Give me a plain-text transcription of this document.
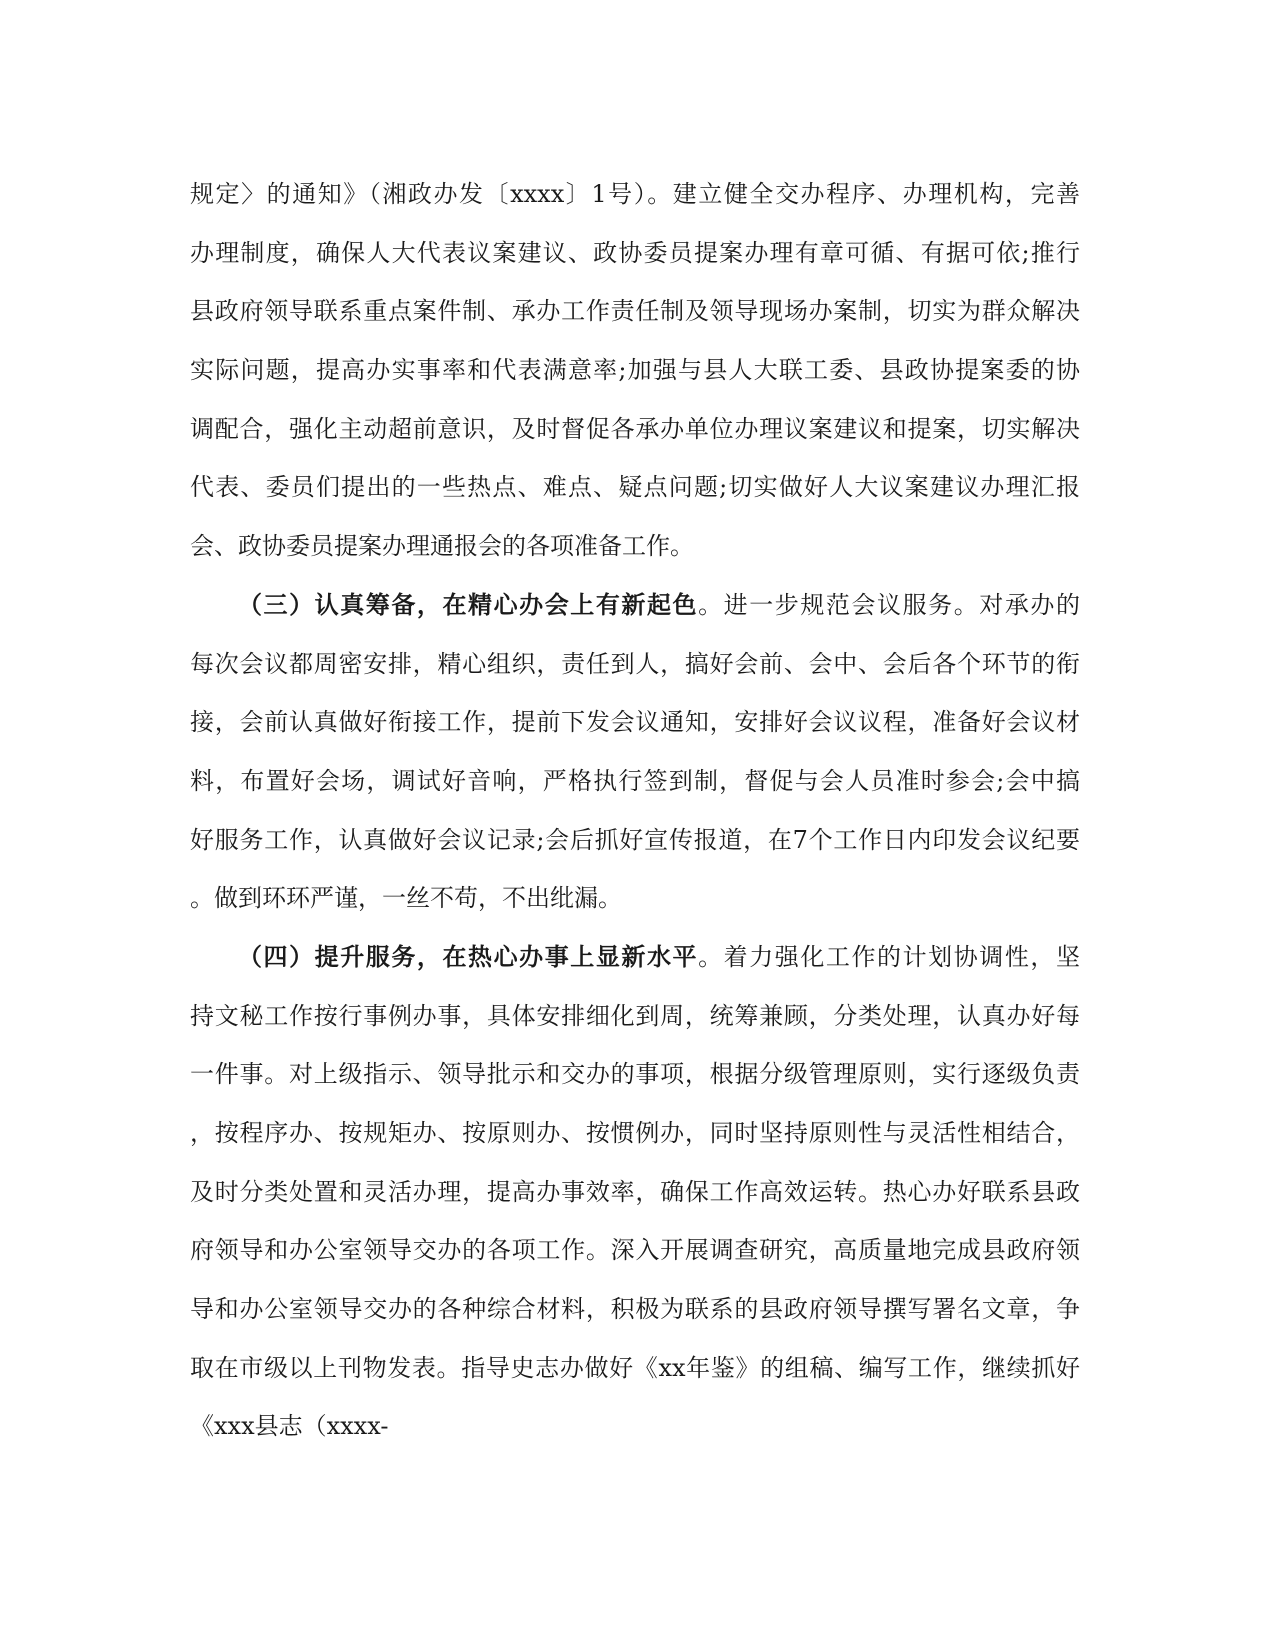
规定〉的通知》（湘政办发〔xxxx〕1号）。建立健全交办程序、办理机构，完善
办理制度，确保人大代表议案建议、政协委员提案办理有章可循、有据可依;推行
县政府领导联系重点案件制、承办工作责任制及领导现场办案制，切实为群众解决
实际问题，提高办实事率和代表满意率;加强与县人大联工委、县政协提案委的协
调配合，强化主动超前意识，及时督促各承办单位办理议案建议和提案，切实解决
代表、委员们提出的一些热点、难点、疑点问题;切实做好人大议案建议办理汇报
会、政协委员提案办理通报会的各项准备工作。
（三）认真筹备，在精心办会上有新起色。进一步规范会议服务。对承办的
每次会议都周密安排，精心组织，责任到人，搞好会前、会中、会后各个环节的衔
接，会前认真做好衔接工作，提前下发会议通知，安排好会议议程，准备好会议材
料，布置好会场，调试好音响，严格执行签到制，督促与会人员准时参会;会中搞
好服务工作，认真做好会议记录;会后抓好宣传报道，在7个工作日内印发会议纪要
。做到环环严谨，一丝不苟，不出纰漏。
（四）提升服务，在热心办事上显新水平。着力强化工作的计划协调性，坚
持文秘工作按行事例办事，具体安排细化到周，统筹兼顾，分类处理，认真办好每
一件事。对上级指示、领导批示和交办的事项，根据分级管理原则，实行逐级负责
，按程序办、按规矩办、按原则办、按惯例办，同时坚持原则性与灵活性相结合，
及时分类处置和灵活办理，提高办事效率，确保工作高效运转。热心办好联系县政
府领导和办公室领导交办的各项工作。深入开展调查研究，高质量地完成县政府领
导和办公室领导交办的各种综合材料，积极为联系的县政府领导撰写署名文章，争
取在市级以上刊物发表。指导史志办做好《xx年鉴》的组稿、编写工作，继续抓好
《xxx县志（xxxx-
